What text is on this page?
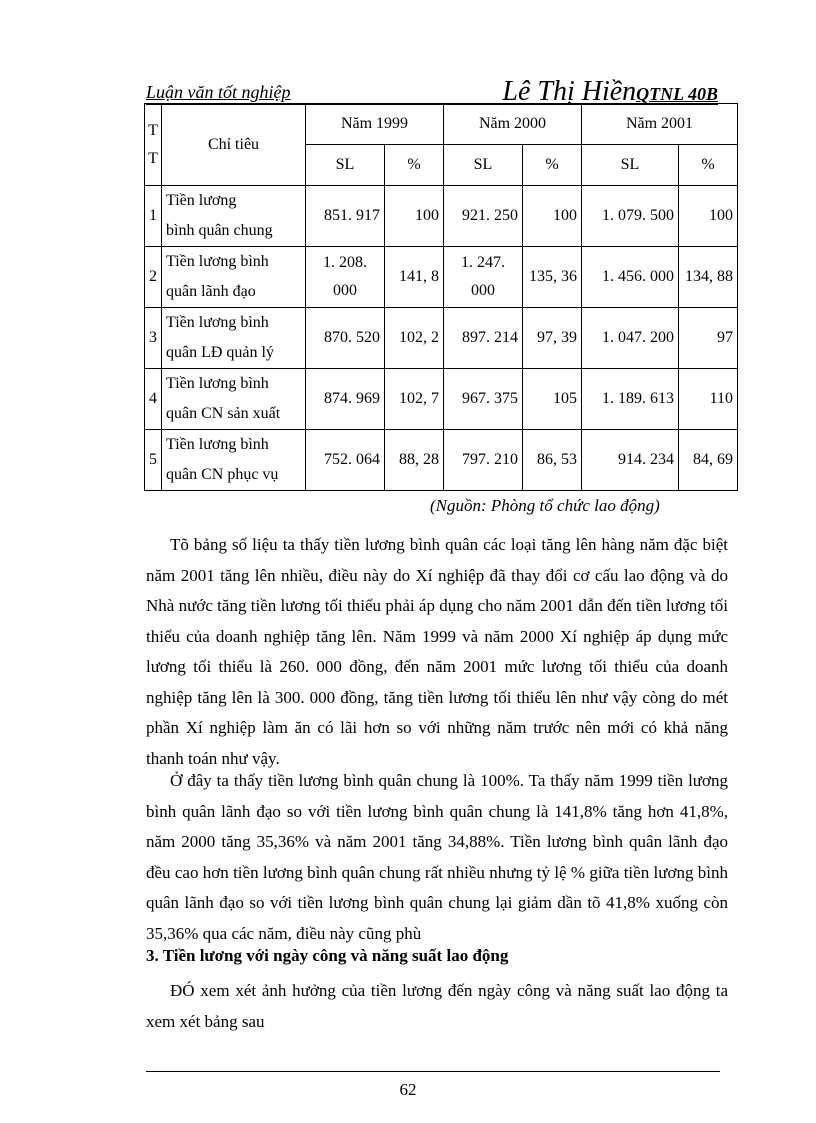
Luận văn tốt nghiệp	Lê Thị HiềnQTNL 40B
T
T	Chỉ tiêu	Năm 1999		Năm 2000		Năm 2001	
		SL	%	SL	%	SL	%
1	Tiền lương
bình quân chung	851. 917	100	921. 250	100	1. 079. 500	100
2	Tiền lương bình
quân lãnh đạo	1. 208. 000	141, 8	1. 247. 000	135, 36	1. 456. 000	134, 88
3	Tiền lương bình
quân LĐ quản lý	870. 520	102, 2	897. 214	97, 39	1. 047. 200	97
4	Tiền lương bình
quân CN sản xuất	874. 969	102, 7	967. 375	105	1. 189. 613	110
5	Tiền lương bình
quân CN phục vụ	752. 064	88, 28	797. 210	86, 53	914. 234	84, 69
(Nguồn: Phòng tổ chức lao động)

Tõ bảng số liệu ta thấy tiền lương bình quân các loại tăng lên hàng năm đặc biệt năm 2001 tăng lên nhiều, điều này do Xí nghiệp đã thay đổi cơ cấu lao động và do Nhà nước tăng tiền lương tối thiểu phải áp dụng cho năm 2001 dẫn đến tiền lương tối thiểu của doanh nghiệp tăng lên. Năm 1999 và năm 2000 Xí nghiệp áp dụng mức lương tối thiểu là 260. 000 đồng, đến năm 2001 mức lương tối thiểu của doanh nghiệp tăng lên là 300. 000 đồng, tăng tiền lương tối thiểu lên như vậy còng do mét phần Xí nghiệp làm ăn có lãi hơn so với những năm trước nên mới có khả năng thanh toán như vậy.

Ở đây ta thấy tiền lương bình quân chung là 100%. Ta thấy năm 1999 tiền lương bình quân lãnh đạo so với tiền lương bình quân chung là 141,8% tăng hơn 41,8%, năm 2000 tăng 35,36% và năm 2001 tăng 34,88%. Tiền lương bình quân lãnh đạo đều cao hơn tiền lương bình quân chung rất nhiều nhưng tỷ lệ % giữa tiền lương bình quân lãnh đạo so với tiền lương bình quân chung lại giảm dần tõ 41,8% xuống còn 35,36% qua các năm, điều này cũng phù

3. Tiền lương với ngày công và năng suất lao động

ĐÓ xem xét ảnh hưởng của tiền lương đến ngày công và năng suất lao động ta xem xét bảng sau

62
